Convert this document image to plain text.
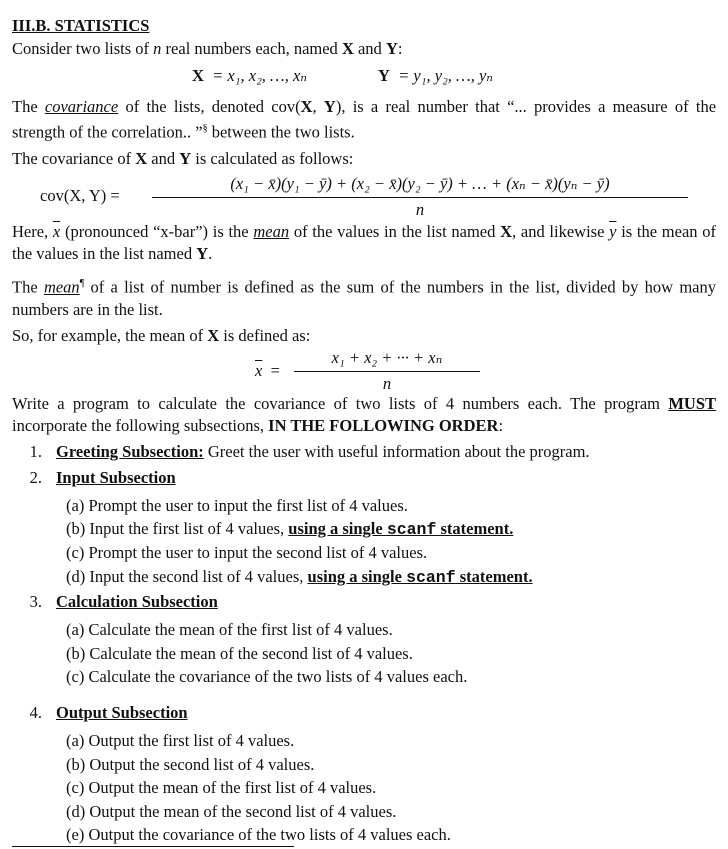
III.B. STATISTICS
Consider two lists of n real numbers each, named X and Y:
X = x₁, x₂, …, xₙ	Y = y₁, y₂, …, yₙ
The covariance of the lists, denoted cov(X, Y), is a real number that “... provides a measure of the strength of the correlation.. ”§ between the two lists.
The covariance of X and Y is calculated as follows:
cov(X, Y) =
(x₁ − x̄)(y₁ − ȳ) + (x₂ − x̄)(y₂ − ȳ) + … + (xₙ − x̄)(yₙ − ȳ)
n
Here, $\overline{x}$ (pronounced “x-bar”) is the mean of the values in the list named X, and likewise $\overline{y}$ is the mean of the values in the list named Y.
The mean¶ of a list of number is defined as the sum of the numbers in the list, divided by how many numbers are in the list.
So, for example, the mean of X is defined as:
$\overline{x}$ =
x₁ + x₂ + ··· + xₙ
n
Write a program to calculate the covariance of two lists of 4 numbers each. The program MUST incorporate the following subsections, IN THE FOLLOWING ORDER:
1. Greeting Subsection: Greet the user with useful information about the program.
2. Input Subsection
(a) Prompt the user to input the first list of 4 values.
(b) Input the first list of 4 values, using a single scanf statement.
(c) Prompt the user to input the second list of 4 values.
(d) Input the second list of 4 values, using a single scanf statement.
3. Calculation Subsection
(a) Calculate the mean of the first list of 4 values.
(b) Calculate the mean of the second list of 4 values.
(c) Calculate the covariance of the two lists of 4 values each.
4. Output Subsection
(a) Output the first list of 4 values.
(b) Output the second list of 4 values.
(c) Output the mean of the first list of 4 values.
(d) Output the mean of the second list of 4 values.
(e) Output the covariance of the two lists of 4 values each.
